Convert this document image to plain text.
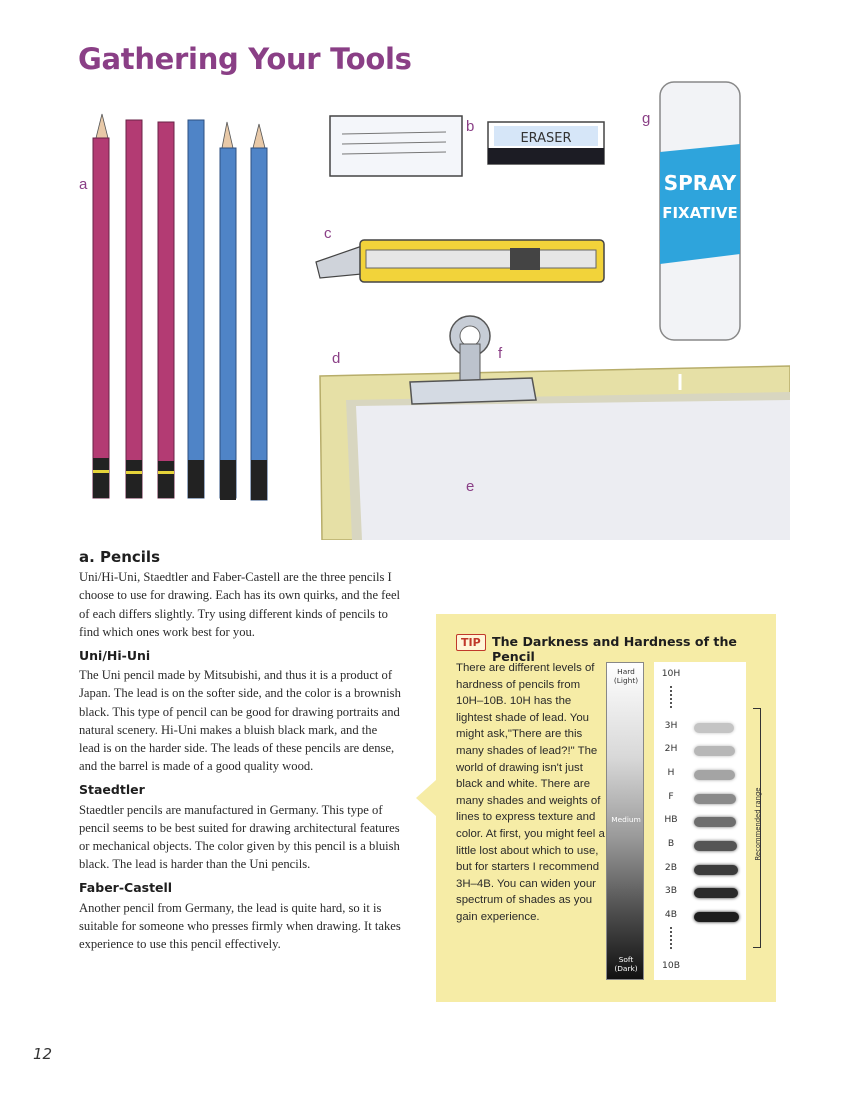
Gathering Your Tools
ERASER
SPRAY
FIXATIVE
a
b
c
d
e
f
g
a. Pencils

Uni/Hi-Uni, Staedtler and Faber-Castell are the three pencils I choose to use for drawing. Each has its own quirks, and the feel of each differs slightly. Try using different kinds of pencils to find which ones work best for you.

Uni/Hi-Uni

The Uni pencil made by Mitsubishi, and thus it is a product of Japan. The lead is on the softer side, and the color is a brownish black. This type of pencil can be good for drawing portraits and natural scenery. Hi-Uni makes a bluish black mark, and the lead is on the harder side. The leads of these pencils are dense, and the barrel is made of a good quality wood.

Staedtler

Staedtler pencils are manufactured in Germany. This type of pencil seems to be best suited for drawing architectural features or mechanical objects. The color given by this pencil is a bluish black. The lead is harder than the Uni pencils.

Faber-Castell

Another pencil from Germany, the lead is quite hard, so it is suitable for someone who presses firmly when drawing. It takes experience to use this pencil effectively.

TIP The Darkness and Hardness of the Pencil
There are different levels of hardness of pencils from 10H–10B. 10H has the lightest shade of lead. You might ask,"There are this many shades of lead?!" The world of drawing isn't just black and white. There are many shades and weights of lines to express texture and color. At first, you might feel a little lost about which to use, but for starters I recommend 3H–4B. You can widen your spectrum of shades as you gain experience.
Hard
(Light)
Medium
Soft
(Dark)
10H
3H
2H
H
F
HB
B
2B
3B
4B
10B
Recommended range
12
